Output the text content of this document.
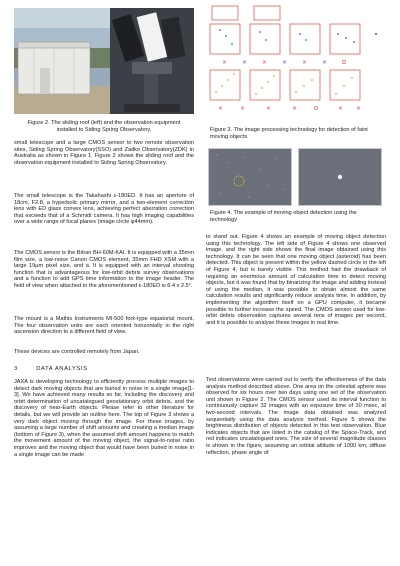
Figure 2. The sliding roof (left) and the observation equipment installed to Siding Spring Observatory.

small telescope and a large CMOS sensor to two remote observation sites, Siding Spring Observatory(SSO) and Zadko Observatory(ZDK) in Australia as shown in Figure 1. Figure 2 shows the sliding roof and the observation equipment installed to Siding Spring Observatory.

The small telescope is the Takahashi ε-180ED. It has an aperture of 18cm, F2.8, a hyperbolic primary mirror, and a two-element correction lens with ED glass convex lens, achieving perfect aberration correction that exceeds that of a Schmidt camera. It has high imaging capabilities over a wide range of focal planes (image circle φ44mm).

The CMOS sensor is the Bitran BH-60M-KAI. It is equipped with a 35mm film size, a low-noise Canon CMOS element, 35mm FHD XSM with a large 19μm pixel size, and a. It is equipped with an interval shooting function that is advantageous for low-orbit debris survey observations and a function to add GPS time information to the image header. The field of view when attached to the aforementioned ε-180ED is 6.4 x 2.5°.

The mount is a Mathis Instruments MI-500 fork-type equatorial mount. The four observation units are each oriented horizontally in the right ascension direction to a different field of view.

These devices are controlled remotely from Japan.

3	DATA ANALYSIS

JAXA is developing technology to efficiently process multiple images to detect dark moving objects that are buried in noise in a single image[1-3]. We have achieved many results so far, including the discovery and orbit determination of uncatalogued geostationary orbit debris, and the discovery of near-Earth objects. Please refer to other literature for details, but we will provide an outline here. The top of Figure 3 shows a very dark object moving through the image. For these images, by assuming a large number of shift amounts and creating a median image (bottom of Figure 3), when the assumed shift amount happens to match the movement amount of the moving object, the signal-to-noise ratio improves and the moving object that would have been buried in noise in a single image can be made

×	×	×
×	×	×
×	×	×	×	× ×

Figure 3. The image processing technology for detection of faint moving objects

Figure 4. The example of moving object detection using the technology

to stand out. Figure 4 shows an example of moving object detection using this technology. The left side of Figure 4 shows one observed image, and the right side shows the final image obtained using this technology. It can be seen that one moving object (asteroid) has been detected. This object is present within the yellow dashed circle in the left of Figure 4, but is barely visible. This method had the drawback of requiring an enormous amount of calculation time to detect moving objects, but it was found that by binarizing the image and adding instead of using the median, it was possible to obtain almost the same calculation results and significantly reduce analysis time. In addition, by implementing the algorithm itself on a GPU computer, it became possible to further increase the speed. The CMOS sensor used for low-orbit debris observation captures several tens of images per second, and it is possible to analyse these images in real time.

Test observations were carried out to verify the effectiveness of the data analysis method described above. One area on the celestial sphere was observed for six hours over two days using one set of the observation unit shown in Figure 2. The CMOS sensor used its interval function to continuously capture 32 images with an exposure time of 10 msec, at two-second intervals. The image data obtained was analyzed sequentially using the data analysis method. Figure 5 shows the brightness distribution of objects detected in this test observation. Blue indicates objects that are listed in the catalog of the Space-Track, and red indicates uncatalogued ones. The size of several magnitude classes is shown in the figure, assuming an orbital altitude of 1000 km, diffuse reflection, phase angle of
